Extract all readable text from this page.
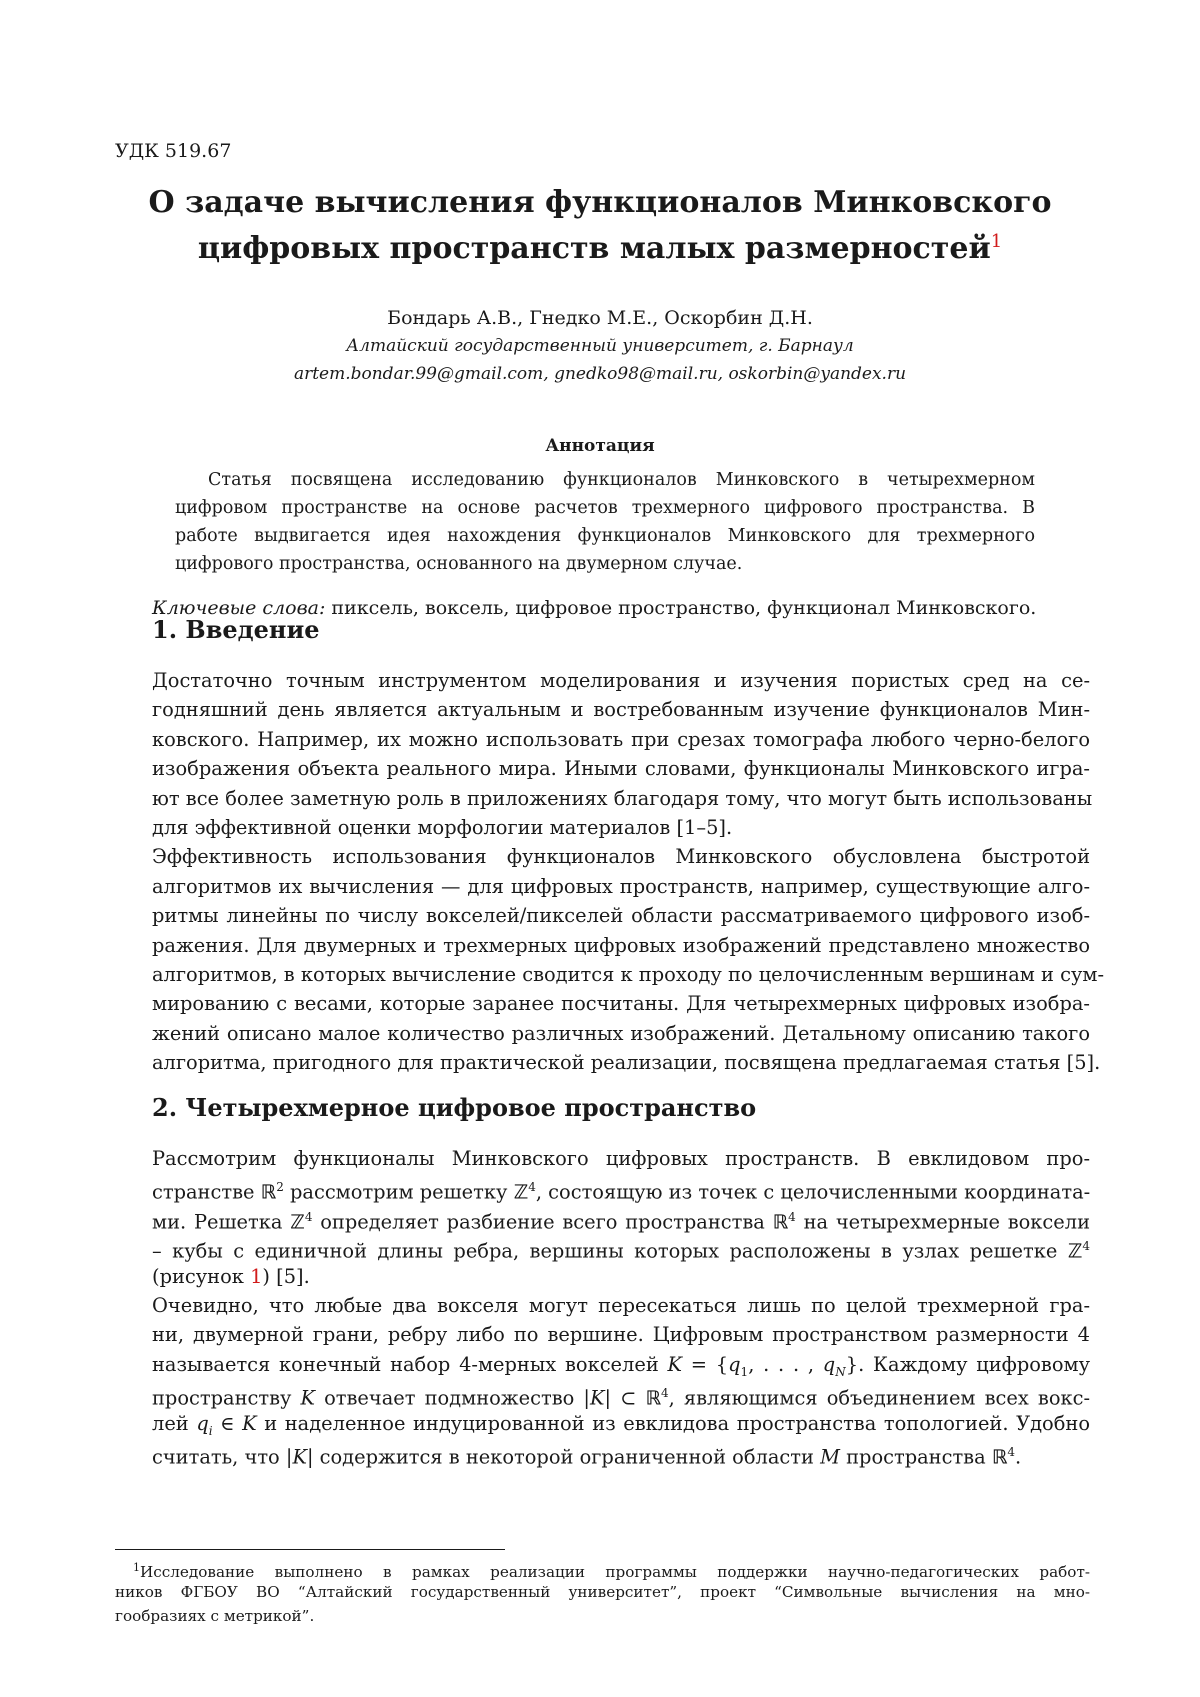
УДК 519.67
О задаче вычисления функционалов Минковского
цифровых пространств малых размерностей$^1$
Бондарь А.В., Гнедко М.Е., Оскорбин Д.Н.
Алтайский государственный университет, г. Барнаул
artem.bondar.99@gmail.com, gnedko98@mail.ru, oskorbin@yandex.ru
Аннотация
Статья посвящена исследованию функционалов Минковского в четырехмерном цифровом пространстве на основе расчетов трехмерного цифрового пространства. В работе выдвигается идея нахождения функционалов Минковского для трехмерного цифрового пространства, основанного на двумерном случае.
Ключевые слова: пиксель, воксель, цифровое пространство, функционал Минковского.
1. Введение
Достаточно точным инструментом моделирования и изучения пористых сред на се-
годняшний день является актуальным и востребованным изучение функционалов Мин-
ковского. Например, их можно использовать при срезах томографа любого черно-белого
изображения объекта реального мира. Иными словами, функционалы Минковского игра-
ют все более заметную роль в приложениях благодаря тому, что могут быть использованы
для эффективной оценки морфологии материалов [1–5].
Эффективность использования функционалов Минковского обусловлена быстротой
алгоритмов их вычисления — для цифровых пространств, например, существующие алго-
ритмы линейны по числу вокселей/пикселей области рассматриваемого цифрового изоб-
ражения. Для двумерных и трехмерных цифровых изображений представлено множество
алгоритмов, в которых вычисление сводится к проходу по целочисленным вершинам и сум-
мированию с весами, которые заранее посчитаны. Для четырехмерных цифровых изобра-
жений описано малое количество различных изображений. Детальному описанию такого
алгоритма, пригодного для практической реализации, посвящена предлагаемая статья [5].
2. Четырехмерное цифровое пространство
Рассмотрим функционалы Минковского цифровых пространств. В евклидовом про-
странстве ℝ$^2$ рассмотрим решетку ℤ$^4$, состоящую из точек с целочисленными координата-
ми. Решетка ℤ$^4$ определяет разбиение всего пространства ℝ$^4$ на четырехмерные воксели
– кубы с единичной длины ребра, вершины которых расположены в узлах решетке ℤ$^4$
(рисунок 1) [5].
Очевидно, что любые два вокселя могут пересекаться лишь по целой трехмерной гра-
ни, двумерной грани, ребру либо по вершине. Цифровым пространством размерности 4
называется конечный набор 4-мерных вокселей $K = \{q_1$, . . . , $q_N$}. Каждому цифровому
пространству K отвечает подмножество |K| ⊂ ℝ$^4$, являющимся объединением всех вокс-
лей $q_i$ ∈ K и наделенное индуцированной из евклидова пространства топологией. Удобно
считать, что |K| содержится в некоторой ограниченной области M пространства ℝ$^4$.
$^1$Исследование выполнено в рамках реализации программы поддержки научно-педагогических работ-
ников ФГБОУ ВО “Алтайский государственный университет”, проект “Символьные вычисления на мно-
гообразиях с метрикой”.
